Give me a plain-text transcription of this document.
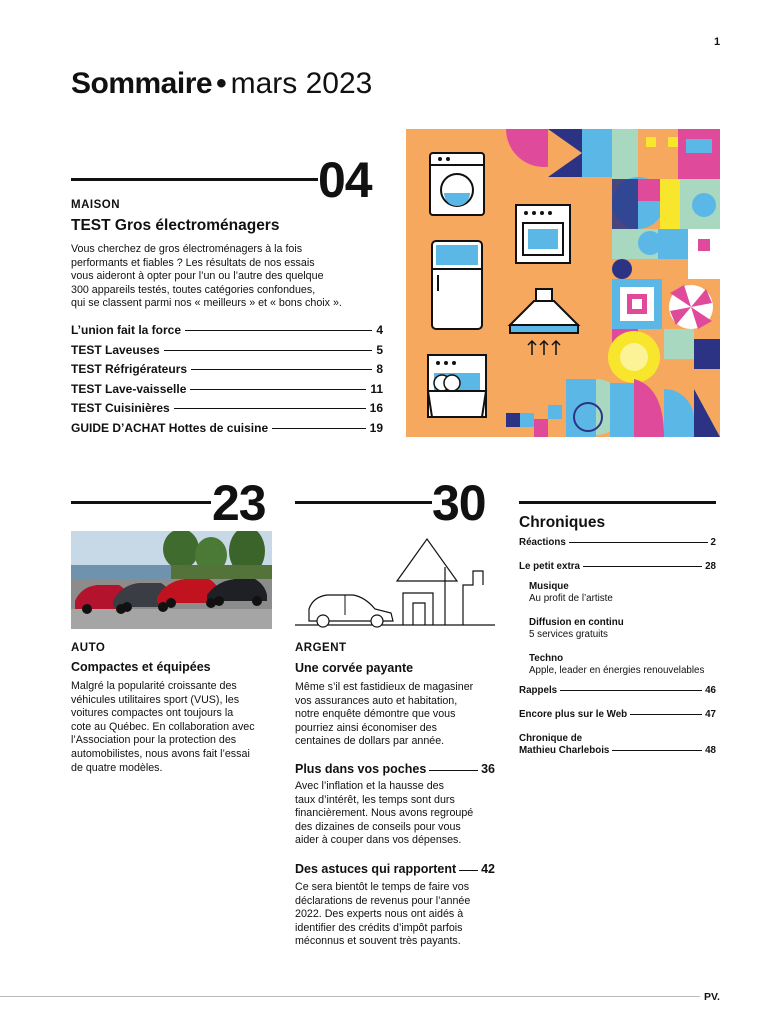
1
Sommaire • mars 2023
04
MAISON
TEST Gros électroménagers
Vous cherchez de gros électroménagers à la fois
performants et fiables ? Les résultats de nos essais
vous aideront à opter pour l’un ou l’autre des quelque
300 appareils testés, toutes catégories confondues,
qui se classent parmi nos « meilleurs » et « bons choix ».
L’union fait la force	4
TEST Laveuses	5
TEST Réfrigérateurs	8
TEST Lave-vaisselle	11
TEST Cuisinières	16
GUIDE D’ACHAT Hottes de cuisine	19
23
AUTO
Compactes et équipées
Malgré la popularité croissante des
véhicules utilitaires sport (VUS), les
voitures compactes ont toujours la
cote au Québec. En collaboration avec
l’Association pour la protection des
automobilistes, nous avons fait l’essai
de quatre modèles.
30
ARGENT
Une corvée payante
Même s’il est fastidieux de magasiner
vos assurances auto et habitation,
notre enquête démontre que vous
pourriez ainsi économiser des
centaines de dollars par année.
Plus dans vos poches	36
Avec l’inflation et la hausse des
taux d’intérêt, les temps sont durs
financièrement. Nous avons regroupé
des dizaines de conseils pour vous
aider à couper dans vos dépenses.
Des astuces qui rapportent 42
Ce sera bientôt le temps de faire vos
déclarations de revenus pour l’année
2022. Des experts nous ont aidés à
identifier des crédits d’impôt parfois
méconnus et souvent très payants.
Chroniques
Réactions	2
Le petit extra	28
Musique
Au profit de l’artiste
Diffusion en continu
5 services gratuits
Techno
Apple, leader en énergies renouvelables
Rappels	46
Encore plus sur le Web	47
Chronique de
Mathieu Charlebois	48
PV.
